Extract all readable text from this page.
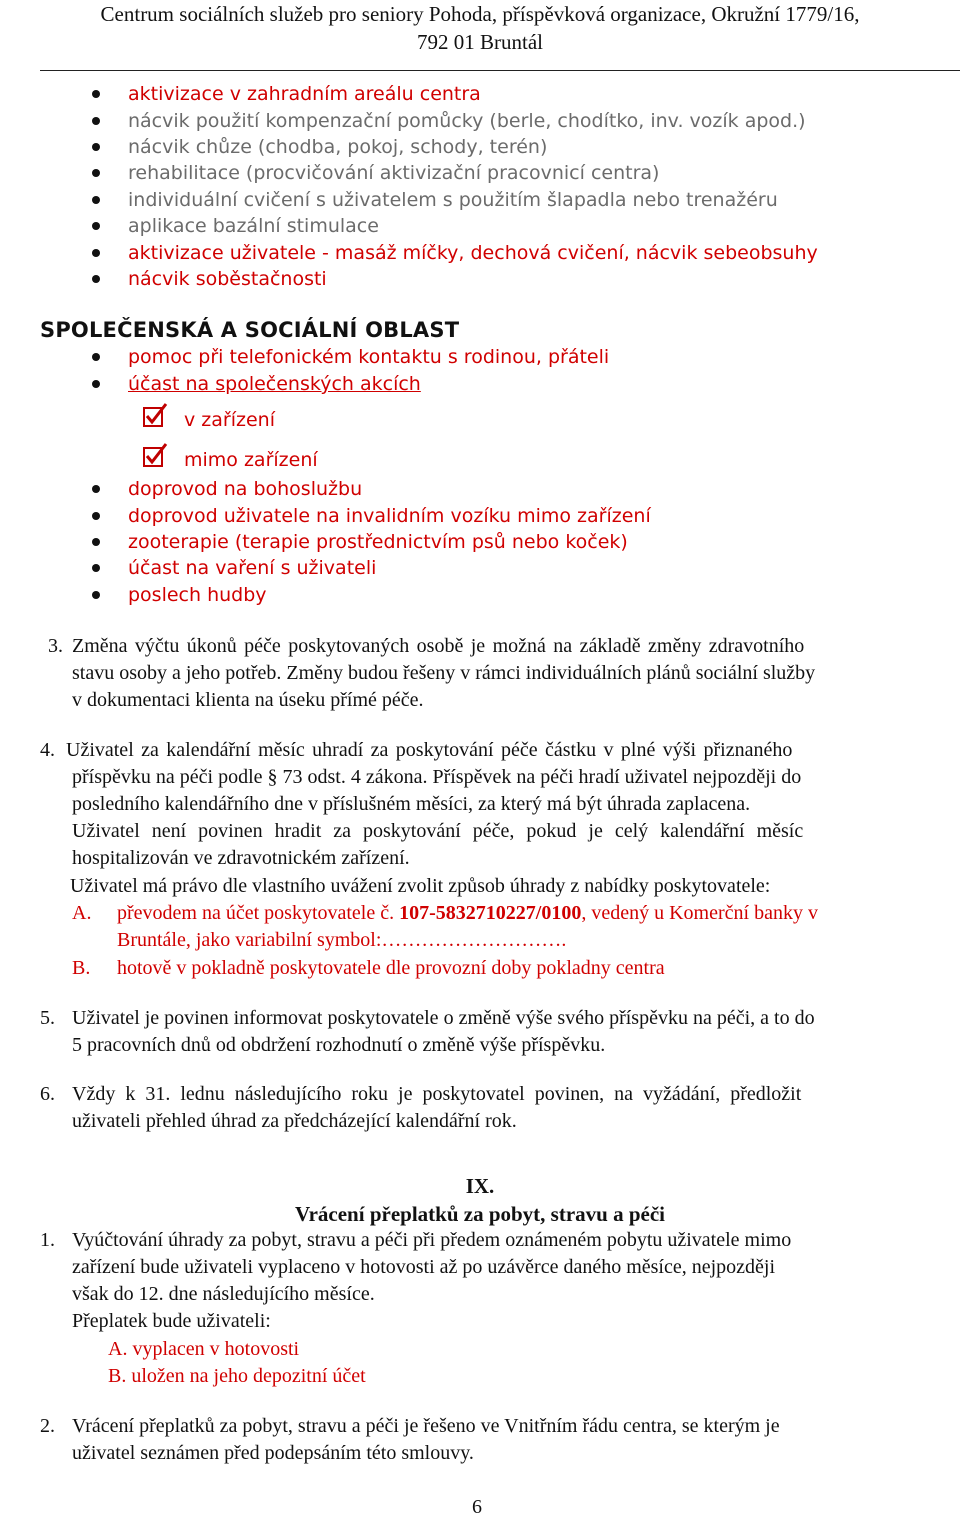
Centrum sociálních služeb pro seniory Pohoda, příspěvková organizace, Okružní 1779/16,
792 01 Bruntál
aktivizace v zahradním areálu centra
nácvik použití kompenzační pomůcky (berle, chodítko, inv. vozík apod.)
nácvik chůze (chodba, pokoj, schody, terén)
rehabilitace (procvičování aktivizační pracovnicí centra)
individuální cvičení s uživatelem s použitím šlapadla nebo trenažéru
aplikace bazální stimulace
aktivizace uživatele - masáž míčky, dechová cvičení, nácvik sebeobsuhy
nácvik soběstačnosti
SPOLEČENSKÁ A SOCIÁLNÍ OBLAST
pomoc při telefonickém kontaktu s rodinou, přáteli
účast na společenských akcích
v zařízení
mimo zařízení
doprovod na bohoslužbu
doprovod uživatele na invalidním vozíku mimo zařízení
zooterapie (terapie prostřednictvím psů nebo koček)
účast na vaření s uživateli
poslech hudby
3. Změna výčtu úkonů péče poskytovaných osobě je možná na základě změny zdravotního
stavu osoby a jeho potřeb. Změny budou řešeny v rámci individuálních plánů sociální služby
v dokumentaci klienta na úseku přímé péče.
4. Uživatel za kalendářní měsíc uhradí za poskytování péče částku v plné výši přiznaného
příspěvku na péči podle § 73 odst. 4 zákona. Příspěvek na péči hradí uživatel nejpozději do
posledního kalendářního dne v příslušném měsíci, za který má být úhrada zaplacena.
Uživatel není povinen hradit za poskytování péče, pokud je celý kalendářní měsíc
hospitalizován ve zdravotnickém zařízení.
Uživatel má právo dle vlastního uvážení zvolit způsob úhrady z nabídky poskytovatele:
A. převodem na účet poskytovatele č. 107-5832710227/0100, vedený u Komerční banky v
Bruntále, jako variabilní symbol:……………………….
B. hotově v pokladně poskytovatele dle provozní doby pokladny centra
5. Uživatel je povinen informovat poskytovatele o změně výše svého příspěvku na péči, a to do
5 pracovních dnů od obdržení rozhodnutí o změně výše příspěvku.
6. Vždy k 31. lednu následujícího roku je poskytovatel povinen, na vyžádání, předložit
uživateli přehled úhrad za předcházející kalendářní rok.
IX.
Vrácení přeplatků za pobyt, stravu a péči
1. Vyúčtování úhrady za pobyt, stravu a péči při předem oznámeném pobytu uživatele mimo
zařízení bude uživateli vyplaceno v hotovosti až po uzávěrce daného měsíce, nejpozději
však do 12. dne následujícího měsíce.
Přeplatek bude uživateli:
A. vyplacen v hotovosti
B. uložen na jeho depozitní účet
2. Vrácení přeplatků za pobyt, stravu a péči je řešeno ve Vnitřním řádu centra, se kterým je
uživatel seznámen před podepsáním této smlouvy.
6
